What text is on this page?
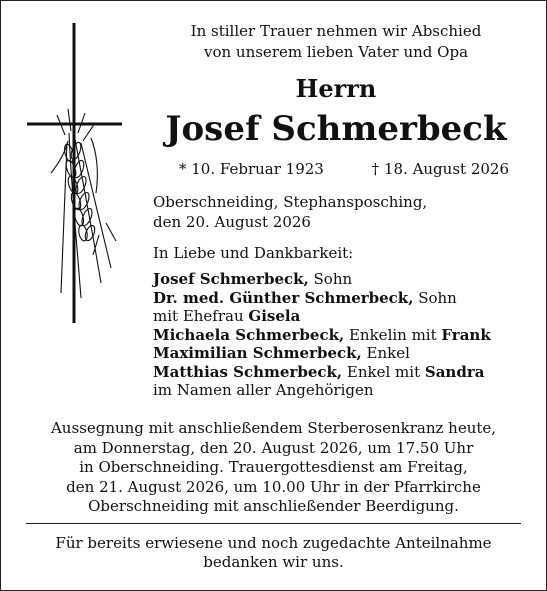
In stiller Trauer nehmen wir Abschied
von unserem lieben Vater und Opa
Herrn
Josef Schmerbeck
* 10. Februar 1923	† 18. August 2026
Oberschneiding, Stephansposching,
den 20. August 2026
In Liebe und Dankbarkeit:
Josef Schmerbeck, Sohn
Dr. med. Günther Schmerbeck, Sohn
mit Ehefrau Gisela
Michaela Schmerbeck, Enkelin mit Frank
Maximilian Schmerbeck, Enkel
Matthias Schmerbeck, Enkel mit Sandra
im Namen aller Angehörigen
Aussegnung mit anschließendem Sterberosenkranz heute,
am Donnerstag, den 20. August 2026, um 17.50 Uhr
in Oberschneiding. Trauergottesdienst am Freitag,
den 21. August 2026, um 10.00 Uhr in der Pfarrkirche
Oberschneiding mit anschließender Beerdigung.
Für bereits erwiesene und noch zugedachte Anteilnahme
bedanken wir uns.
